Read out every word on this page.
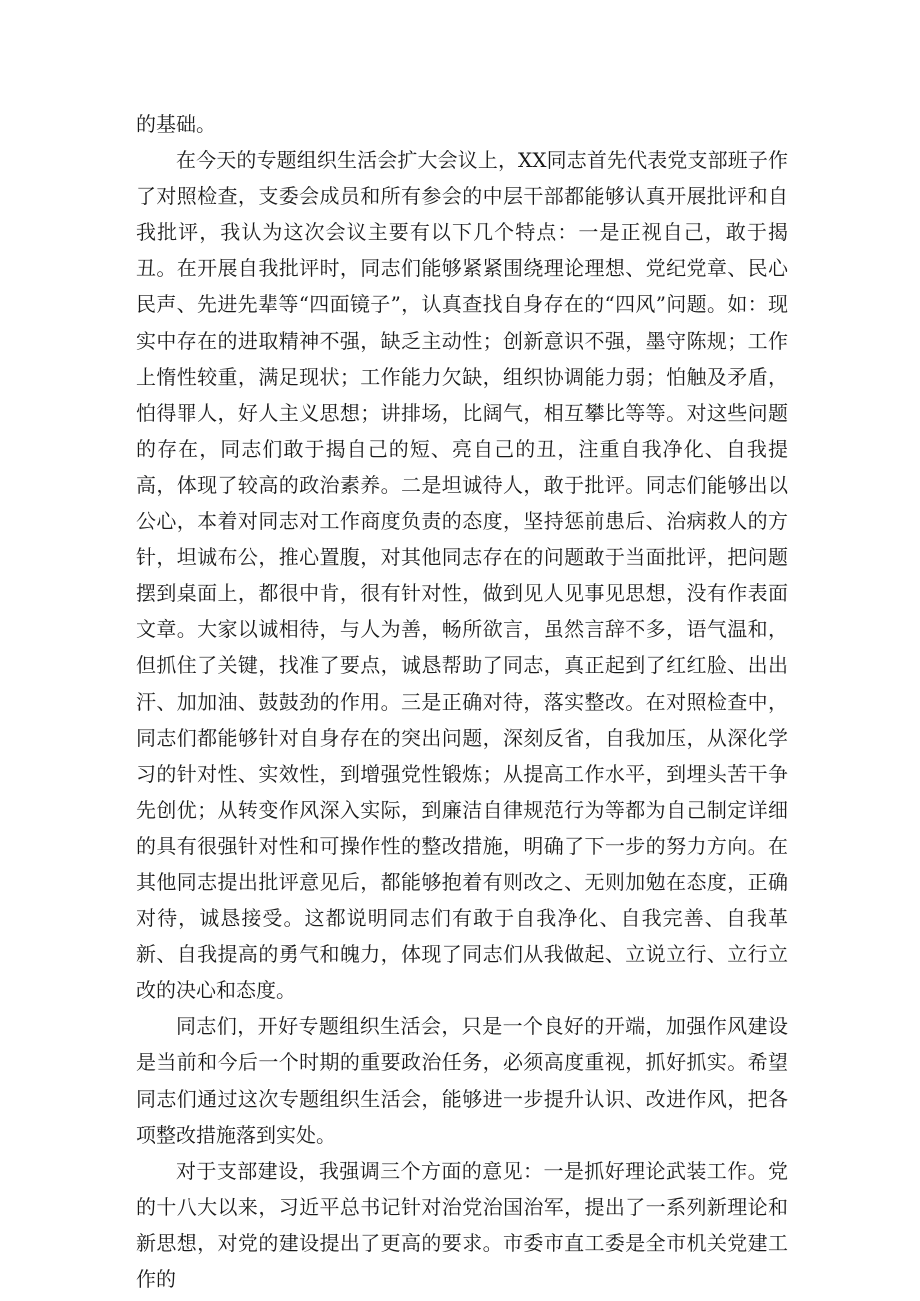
的基础。

在今天的专题组织生活会扩大会议上，XX同志首先代表党支部班子作了对照检查，支委会成员和所有参会的中层干部都能够认真开展批评和自我批评，我认为这次会议主要有以下几个特点：一是正视自己，敢于揭丑。在开展自我批评时，同志们能够紧紧围绕理论理想、党纪党章、民心民声、先进先辈等“四面镜子”，认真查找自身存在的“四风”问题。如：现实中存在的进取精神不强，缺乏主动性；创新意识不强，墨守陈规；工作上惰性较重，满足现状；工作能力欠缺，组织协调能力弱；怕触及矛盾，怕得罪人，好人主义思想；讲排场，比阔气，相互攀比等等。对这些问题的存在，同志们敢于揭自己的短、亮自己的丑，注重自我净化、自我提高，体现了较高的政治素养。二是坦诚待人，敢于批评。同志们能够出以公心，本着对同志对工作商度负责的态度，坚持惩前患后、治病救人的方针，坦诚布公，推心置腹，对其他同志存在的问题敢于当面批评，把问题摆到桌面上，都很中肯，很有针对性，做到见人见事见思想，没有作表面文章。大家以诚相待，与人为善，畅所欲言，虽然言辞不多，语气温和，但抓住了关键，找准了要点，诚恳帮助了同志，真正起到了红红脸、出出汗、加加油、鼓鼓劲的作用。三是正确对待，落实整改。在对照检查中，同志们都能够针对自身存在的突出问题，深刻反省，自我加压，从深化学习的针对性、实效性，到增强党性锻炼；从提高工作水平，到埋头苦干争先创优；从转变作风深入实际，到廉洁自律规范行为等都为自己制定详细的具有很强针对性和可操作性的整改措施，明确了下一步的努力方向。在其他同志提出批评意见后，都能够抱着有则改之、无则加勉在态度，正确对待，诚恳接受。这都说明同志们有敢于自我净化、自我完善、自我革新、自我提高的勇气和魄力，体现了同志们从我做起、立说立行、立行立改的决心和态度。

同志们，开好专题组织生活会，只是一个良好的开端，加强作风建设是当前和今后一个时期的重要政治任务，必须高度重视，抓好抓实。希望同志们通过这次专题组织生活会，能够进一步提升认识、改进作风，把各项整改措施落到实处。

对于支部建设，我强调三个方面的意见：一是抓好理论武装工作。党的十八大以来，习近平总书记针对治党治国治军，提出了一系列新理论和新思想，对党的建设提出了更高的要求。市委市直工委是全市机关党建工作的
